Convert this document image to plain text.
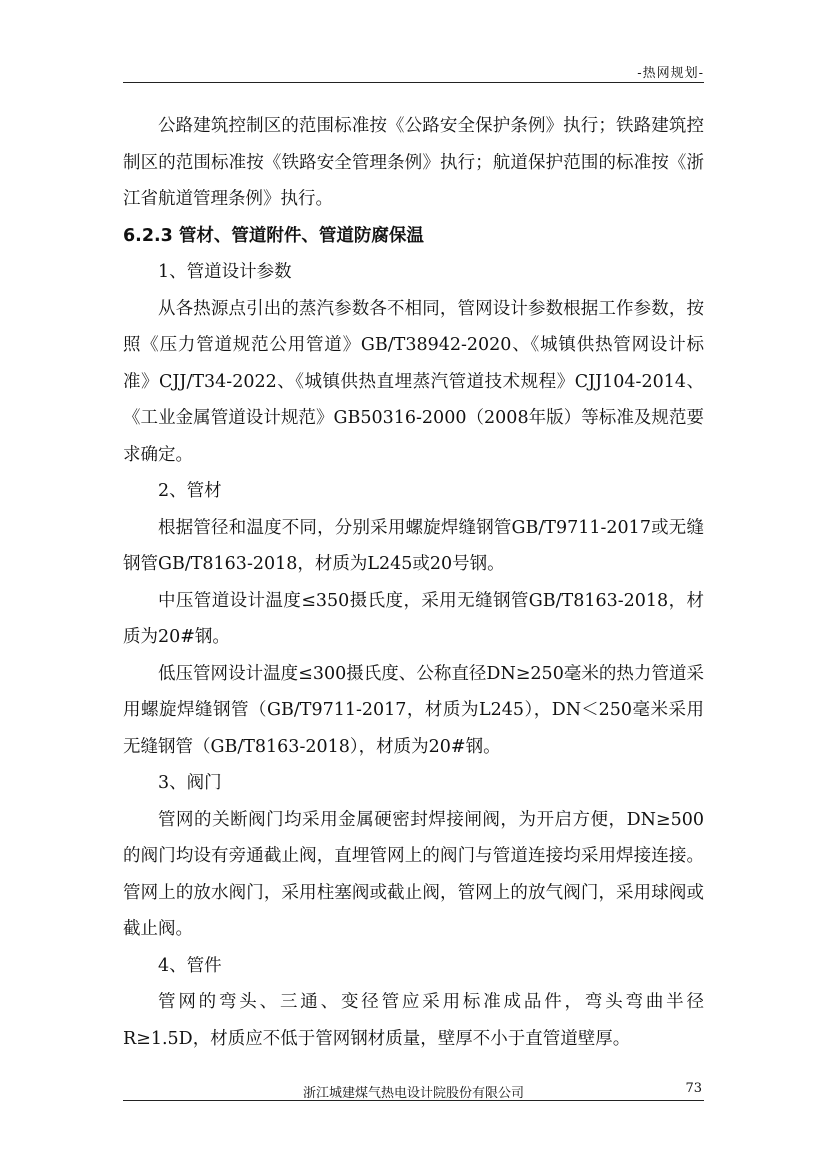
-热网规划-

公路建筑控制区的范围标准按《公路安全保护条例》执行；铁路建筑控制区的范围标准按《铁路安全管理条例》执行；航道保护范围的标准按《浙江省航道管理条例》执行。

6.2.3 管材、管道附件、管道防腐保温

1、管道设计参数

从各热源点引出的蒸汽参数各不相同，管网设计参数根据工作参数，按照《压力管道规范公用管道》GB/T38942-2020、《城镇供热管网设计标准》CJJ/T34-2022、《城镇供热直埋蒸汽管道技术规程》CJJ104-2014、《工业金属管道设计规范》GB50316-2000（2008年版）等标准及规范要求确定。

2、管材

根据管径和温度不同，分别采用螺旋焊缝钢管GB/T9711-2017或无缝钢管GB/T8163-2018，材质为L245或20号钢。

中压管道设计温度≤350摄氏度，采用无缝钢管GB/T8163-2018，材质为20#钢。

低压管网设计温度≤300摄氏度、公称直径DN≥250毫米的热力管道采用螺旋焊缝钢管（GB/T9711-2017，材质为L245），DN＜250毫米采用无缝钢管（GB/T8163-2018），材质为20#钢。

3、阀门

管网的关断阀门均采用金属硬密封焊接闸阀，为开启方便，DN≥500的阀门均设有旁通截止阀，直埋管网上的阀门与管道连接均采用焊接连接。管网上的放水阀门，采用柱塞阀或截止阀，管网上的放气阀门，采用球阀或截止阀。

4、管件

管网的弯头、三通、变径管应采用标准成品件，弯头弯曲半径R≥1.5D，材质应不低于管网钢材质量，壁厚不小于直管道壁厚。

浙江城建煤气热电设计院股份有限公司	73
